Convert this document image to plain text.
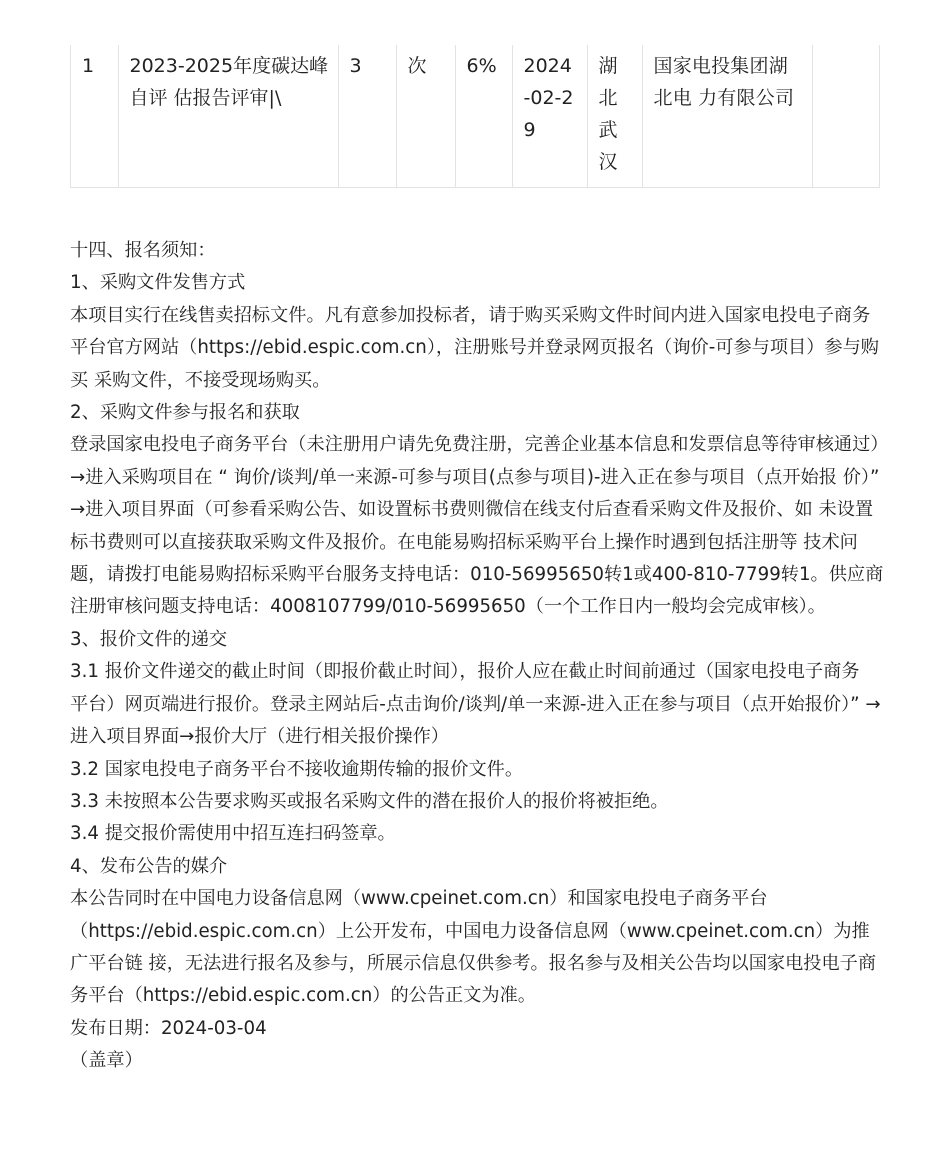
1	2023-2025年度碳达峰自评 估报告评审|\	3	次	6%	2024-02-29	湖北武汉	国家电投集团湖北电 力有限公司	

十四、报名须知：

1、采购文件发售方式

本项目实行在线售卖招标文件。凡有意参加投标者，请于购买采购文件时间内进入国家电投电子商务 平台官方网站（https://ebid.espic.com.cn），注册账号并登录网页报名（询价-可参与项目）参与购买 采购文件，不接受现场购买。

2、采购文件参与报名和获取

登录国家电投电子商务平台（未注册用户请先免费注册，完善企业基本信息和发票信息等待审核通过）→进入采购项目在 “ 询价/谈判/单一来源-可参与项目(点参与项目)-进入正在参与项目（点开始报 价）” →进入项目界面（可参看采购公告、如设置标书费则微信在线支付后查看采购文件及报价、如 未设置标书费则可以直接获取采购文件及报价。在电能易购招标采购平台上操作时遇到包括注册等 技术问题，请拨打电能易购招标采购平台服务支持电话：010-56995650转1或400-810-7799转1。供应商 注册审核问题支持电话：4008107799/010-56995650（一个工作日内一般均会完成审核）。

3、报价文件的递交

3.1 报价文件递交的截止时间（即报价截止时间），报价人应在截止时间前通过（国家电投电子商务

平台）网页端进行报价。登录主网站后-点击询价/谈判/单一来源-进入正在参与项目（点开始报价）” →进入项目界面→报价大厅（进行相关报价操作）

3.2 国家电投电子商务平台不接收逾期传输的报价文件。

3.3 未按照本公告要求购买或报名采购文件的潜在报价人的报价将被拒绝。

3.4 提交报价需使用中招互连扫码签章。

4、发布公告的媒介

本公告同时在中国电力设备信息网（www.cpeinet.com.cn）和国家电投电子商务平台

（https://ebid.espic.com.cn）上公开发布，中国电力设备信息网（www.cpeinet.com.cn）为推广平台链 接，无法进行报名及参与，所展示信息仅供参考。报名参与及相关公告均以国家电投电子商务平台（https://ebid.espic.com.cn）的公告正文为准。

发布日期：2024-03-04

（盖章）
